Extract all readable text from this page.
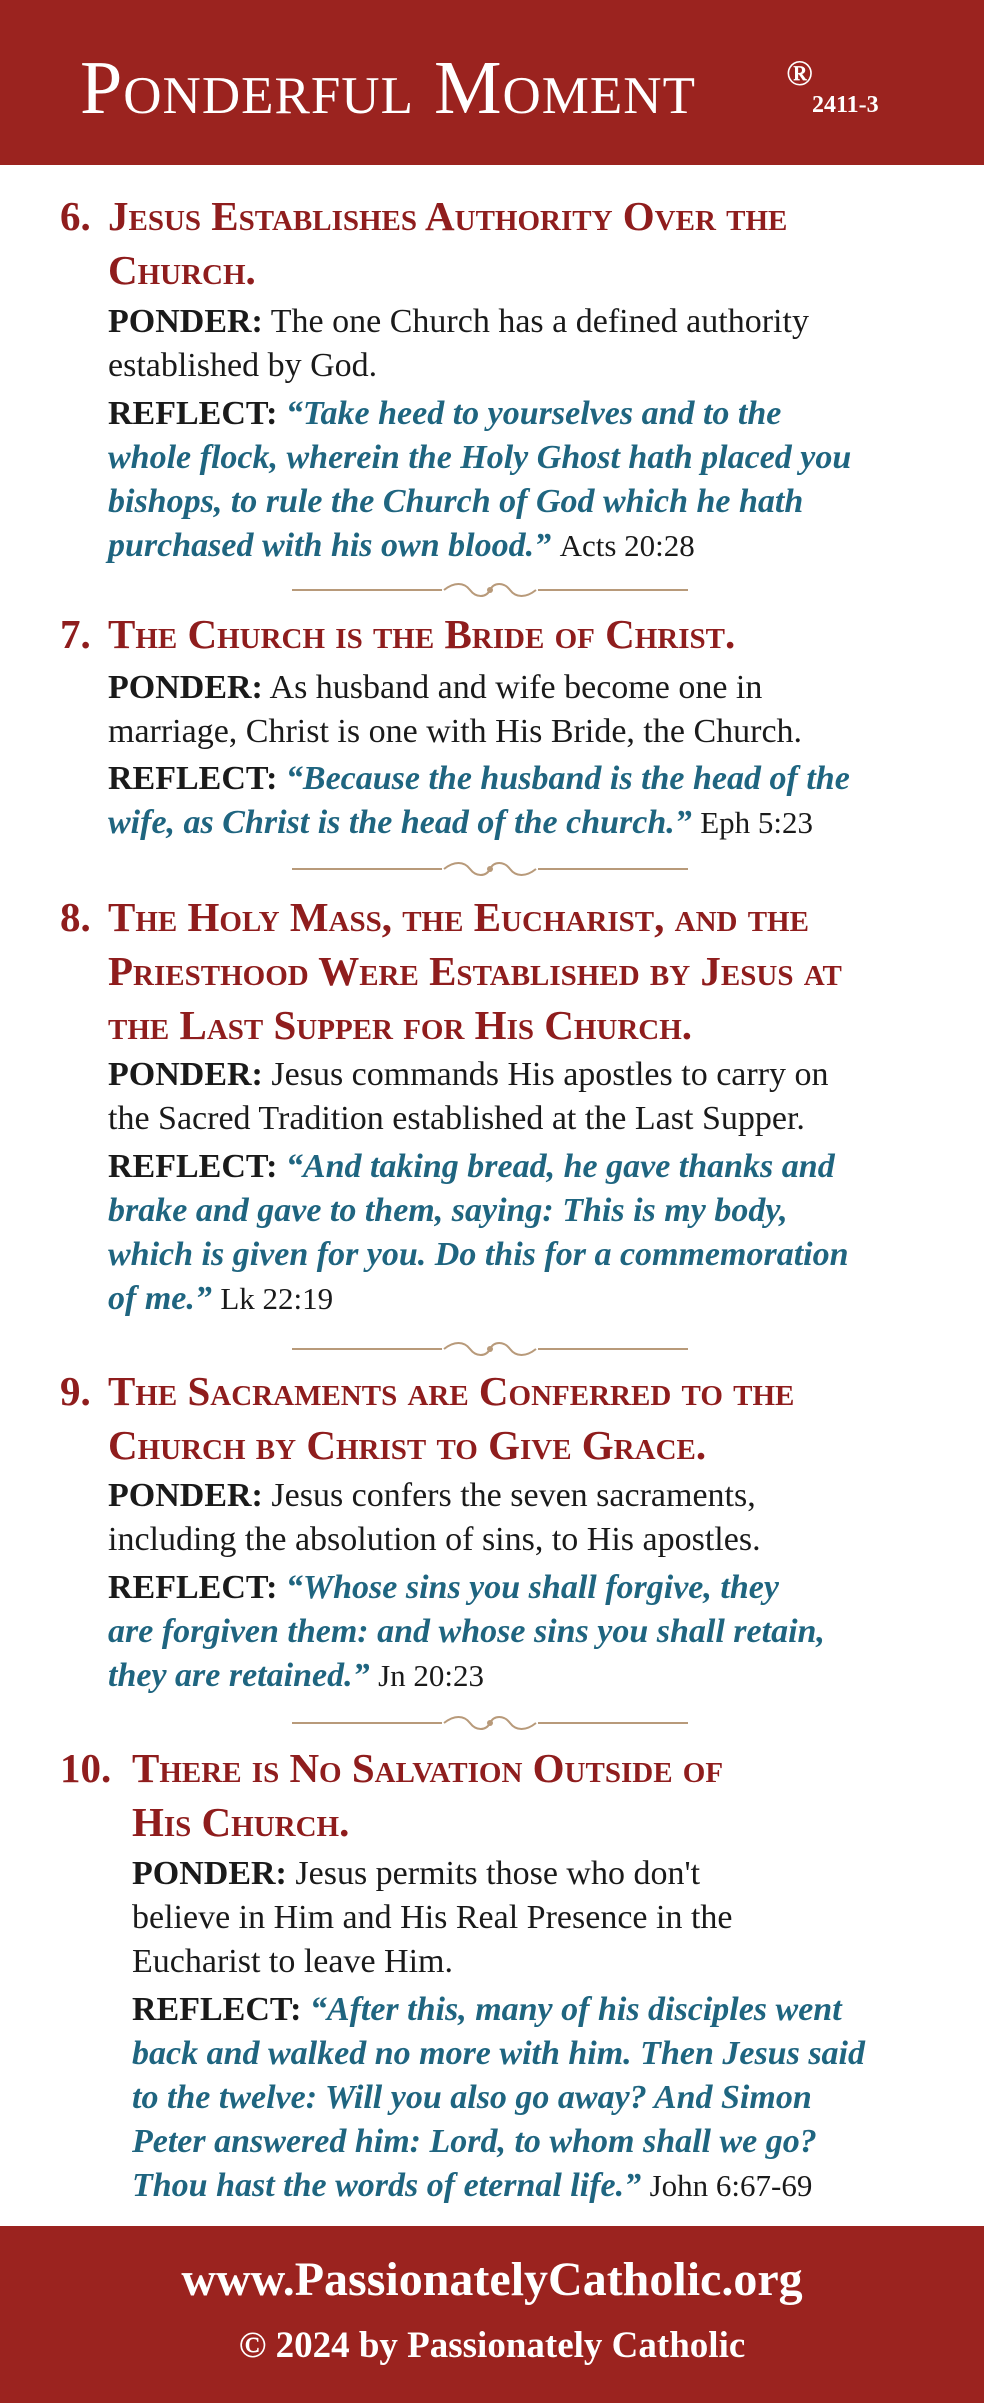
Ponderful Moment	®
2411-3
6. Jesus Establishes Authority Over the
Church.
PONDER: The one Church has a defined authority
established by God.
REFLECT: “Take heed to yourselves and to the
whole flock, wherein the Holy Ghost hath placed you
bishops, to rule the Church of God which he hath
purchased with his own blood.” Acts 20:28
7. The Church is the Bride of Christ.
PONDER: As husband and wife become one in
marriage, Christ is one with His Bride, the Church.
REFLECT: “Because the husband is the head of the
wife, as Christ is the head of the church.” Eph 5:23
8. The Holy Mass, the Eucharist, and the
Priesthood Were Established by Jesus at
the Last Supper for His Church.
PONDER: Jesus commands His apostles to carry on
the Sacred Tradition established at the Last Supper.
REFLECT: “And taking bread, he gave thanks and
brake and gave to them, saying: This is my body,
which is given for you. Do this for a commemoration
of me.” Lk 22:19
9. The Sacraments are Conferred to the
Church by Christ to Give Grace.
PONDER: Jesus confers the seven sacraments,
including the absolution of sins, to His apostles.
REFLECT: “Whose sins you shall forgive, they
are forgiven them: and whose sins you shall retain,
they are retained.” Jn 20:23
10. There is No Salvation Outside of
His Church.
PONDER: Jesus permits those who don't
believe in Him and His Real Presence in the
Eucharist to leave Him.
REFLECT: “After this, many of his disciples went
back and walked no more with him. Then Jesus said
to the twelve: Will you also go away? And Simon
Peter answered him: Lord, to whom shall we go?
Thou hast the words of eternal life.” John 6:67-69
www.PassionatelyCatholic.org
© 2024 by Passionately Catholic
